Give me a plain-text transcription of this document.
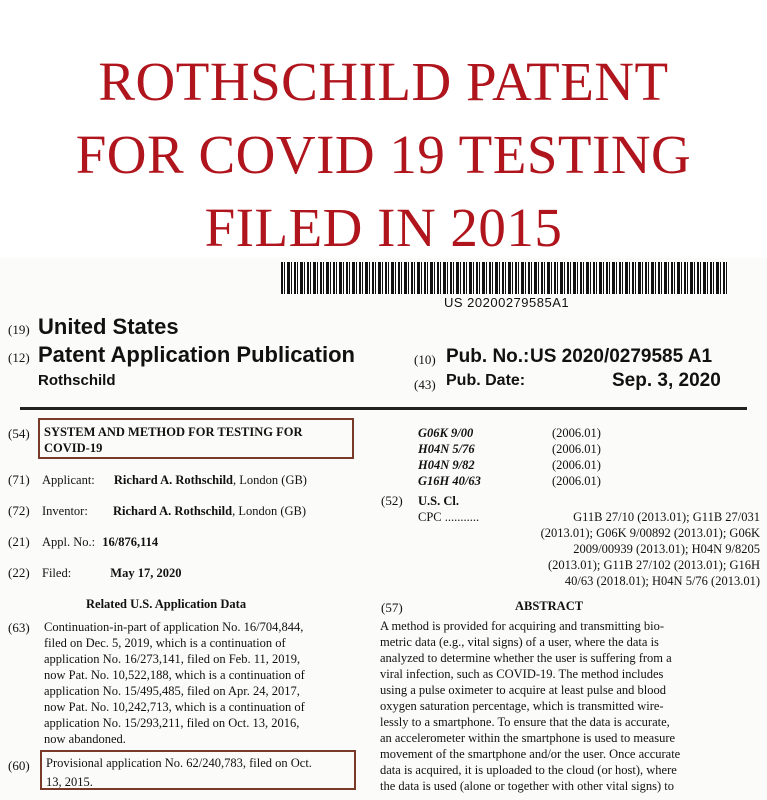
ROTHSCHILD PATENT
FOR COVID 19 TESTING
FILED IN 2015
US 20200279585A1
(19) United States
(12) Patent Application Publication
Rothschild
(10) Pub. No.: US 2020/0279585 A1
(43) Pub. Date:	Sep. 3, 2020
(54)	SYSTEM AND METHOD FOR TESTING FOR COVID-19
(71) Applicant: Richard A. Rothschild, London (GB)
(72) Inventor: Richard A. Rothschild, London (GB)
(21) Appl. No.: 16/876,114
(22) Filed:	May 17, 2020
Related U.S. Application Data
(63) Continuation-in-part of application No. 16/704,844,
filed on Dec. 5, 2019, which is a continuation of
application No. 16/273,141, filed on Feb. 11, 2019,
now Pat. No. 10,522,188, which is a continuation of
application No. 15/495,485, filed on Apr. 24, 2017,
now Pat. No. 10,242,713, which is a continuation of
application No. 15/293,211, filed on Oct. 13, 2016,
now abandoned.
(60)	Provisional application No. 62/240,783, filed on Oct.
13, 2015.
G06K 9/00	(2006.01)
H04N 5/76	(2006.01)
H04N 9/82	(2006.01)
G16H 40/63	(2006.01)
(52) U.S. Cl.
CPC ...........	G11B 27/10 (2013.01); G11B 27/031
(2013.01); G06K 9/00892 (2013.01); G06K
2009/00939 (2013.01); H04N 9/8205
(2013.01); G11B 27/102 (2013.01); G16H
40/63 (2018.01); H04N 5/76 (2013.01)
(57)	ABSTRACT
A method is provided for acquiring and transmitting bio-
metric data (e.g., vital signs) of a user, where the data is
analyzed to determine whether the user is suffering from a
viral infection, such as COVID-19. The method includes
using a pulse oximeter to acquire at least pulse and blood
oxygen saturation percentage, which is transmitted wire-
lessly to a smartphone. To ensure that the data is accurate,
an accelerometer within the smartphone is used to measure
movement of the smartphone and/or the user. Once accurate
data is acquired, it is uploaded to the cloud (or host), where
the data is used (alone or together with other vital signs) to
